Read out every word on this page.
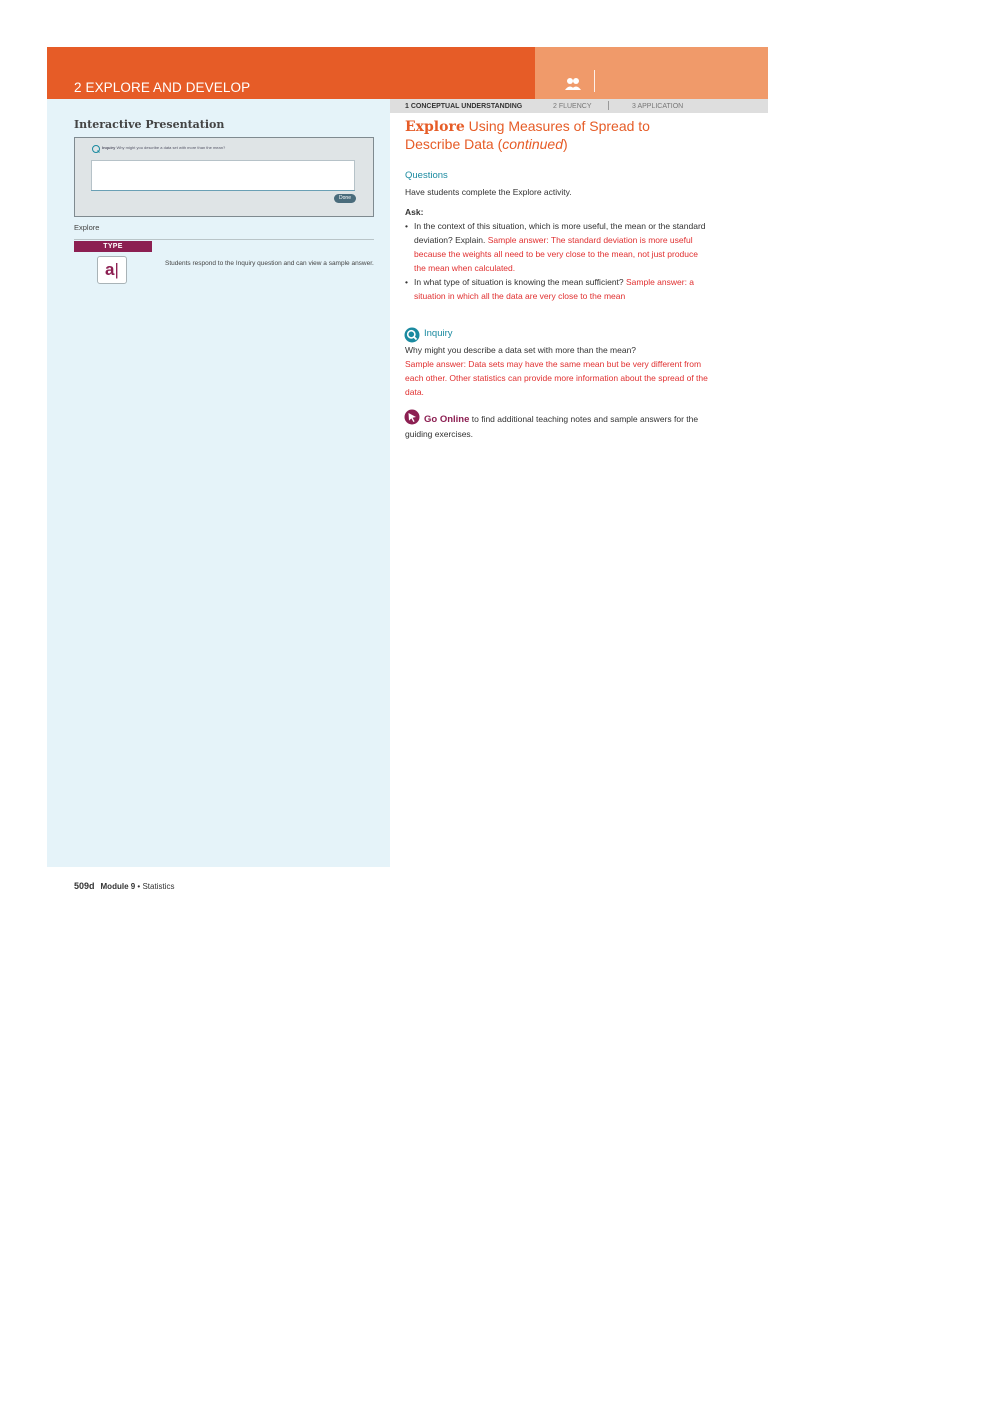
2 EXPLORE AND DEVELOP
Interactive Presentation
Inquiry Why might you describe a data set with more than the mean?
Done
Explore
TYPE
a|	Students respond to the Inquiry question and can view a sample answer.
1 CONCEPTUAL UNDERSTANDING	2 FLUENCY	3 APPLICATION
Explore Using Measures of Spread to Describe Data (continued)
Questions
Have students complete the Explore activity.
Ask:
• In the context of this situation, which is more useful, the mean or the standard deviation? Explain. Sample answer: The standard deviation is more useful because the weights all need to be very close to the mean, not just produce the mean when calculated.
• In what type of situation is knowing the mean sufficient? Sample answer: a situation in which all the data are very close to the mean
Inquiry
Why might you describe a data set with more than the mean?
Sample answer: Data sets may have the same mean but be very different from each other. Other statistics can provide more information about the spread of the data.
Go Online to find additional teaching notes and sample answers for the guiding exercises.
509d Module 9 • Statistics
